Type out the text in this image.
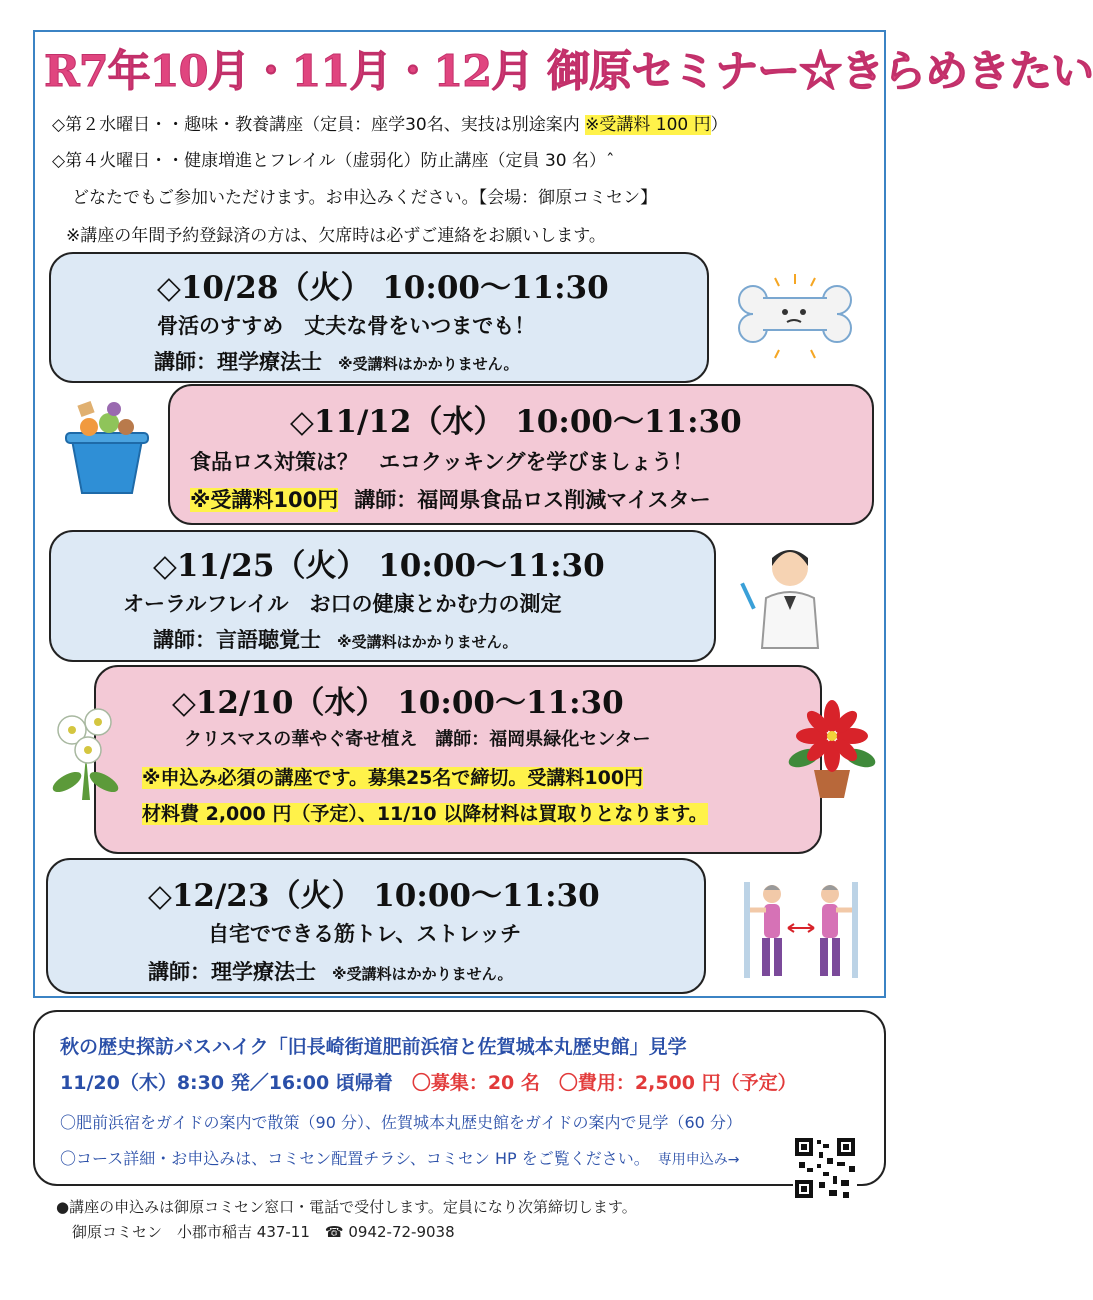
R7年10月・11月・12月 御原セミナー☆きらめきたい
◇第２水曜日・・趣味・教養講座（定員：座学30名、実技は別途案内 ※受講料 100 円）
◇第４火曜日・・健康増進とフレイル（虚弱化）防止講座（定員 30 名）ˆ
どなたでもご参加いただけます。お申込みください。【会場：御原コミセン】
※講座の年間予約登録済の方は、欠席時は必ずご連絡をお願いします。
◇10/28（火） 10:00～11:30
骨活のすすめ　丈夫な骨をいつまでも！
講師：理学療法士　 ※受講料はかかりません。
◇11/12（水） 10:00～11:30
食品ロス対策は？　エコクッキングを学びましょう！
※受講料100円　 講師：福岡県食品ロス削減マイスター
◇11/25（火） 10:00～11:30
オーラルフレイル　お口の健康とかむ力の測定
講師：言語聴覚士　 ※受講料はかかりません。
◇12/10（水） 10:00～11:30
クリスマスの華やぐ寄せ植え　講師：福岡県緑化センター
※申込み必須の講座です。募集25名で締切。受講料100円
材料費 2,000 円（予定）、11/10 以降材料は買取りとなります。
◇12/23（火） 10:00～11:30
自宅でできる筋トレ、ストレッチ
講師：理学療法士　 ※受講料はかかりません。
秋の歴史探訪バスハイク「旧長崎街道肥前浜宿と佐賀城本丸歴史館」見学
11/20（木）8:30 発／16:00 頃帰着　 〇募集：20 名　 〇費用：2,500 円（予定）
〇肥前浜宿をガイドの案内で散策（90 分）、佐賀城本丸歴史館をガイドの案内で見学（60 分）
〇コース詳細・お申込みは、コミセン配置チラシ、コミセン HP をご覧ください。　 専用申込み→
●講座の申込みは御原コミセン窓口・電話で受付します。定員になり次第締切します。
御原コミセン　小郡市稲吉 437-11　 ☎ 0942-72-9038
